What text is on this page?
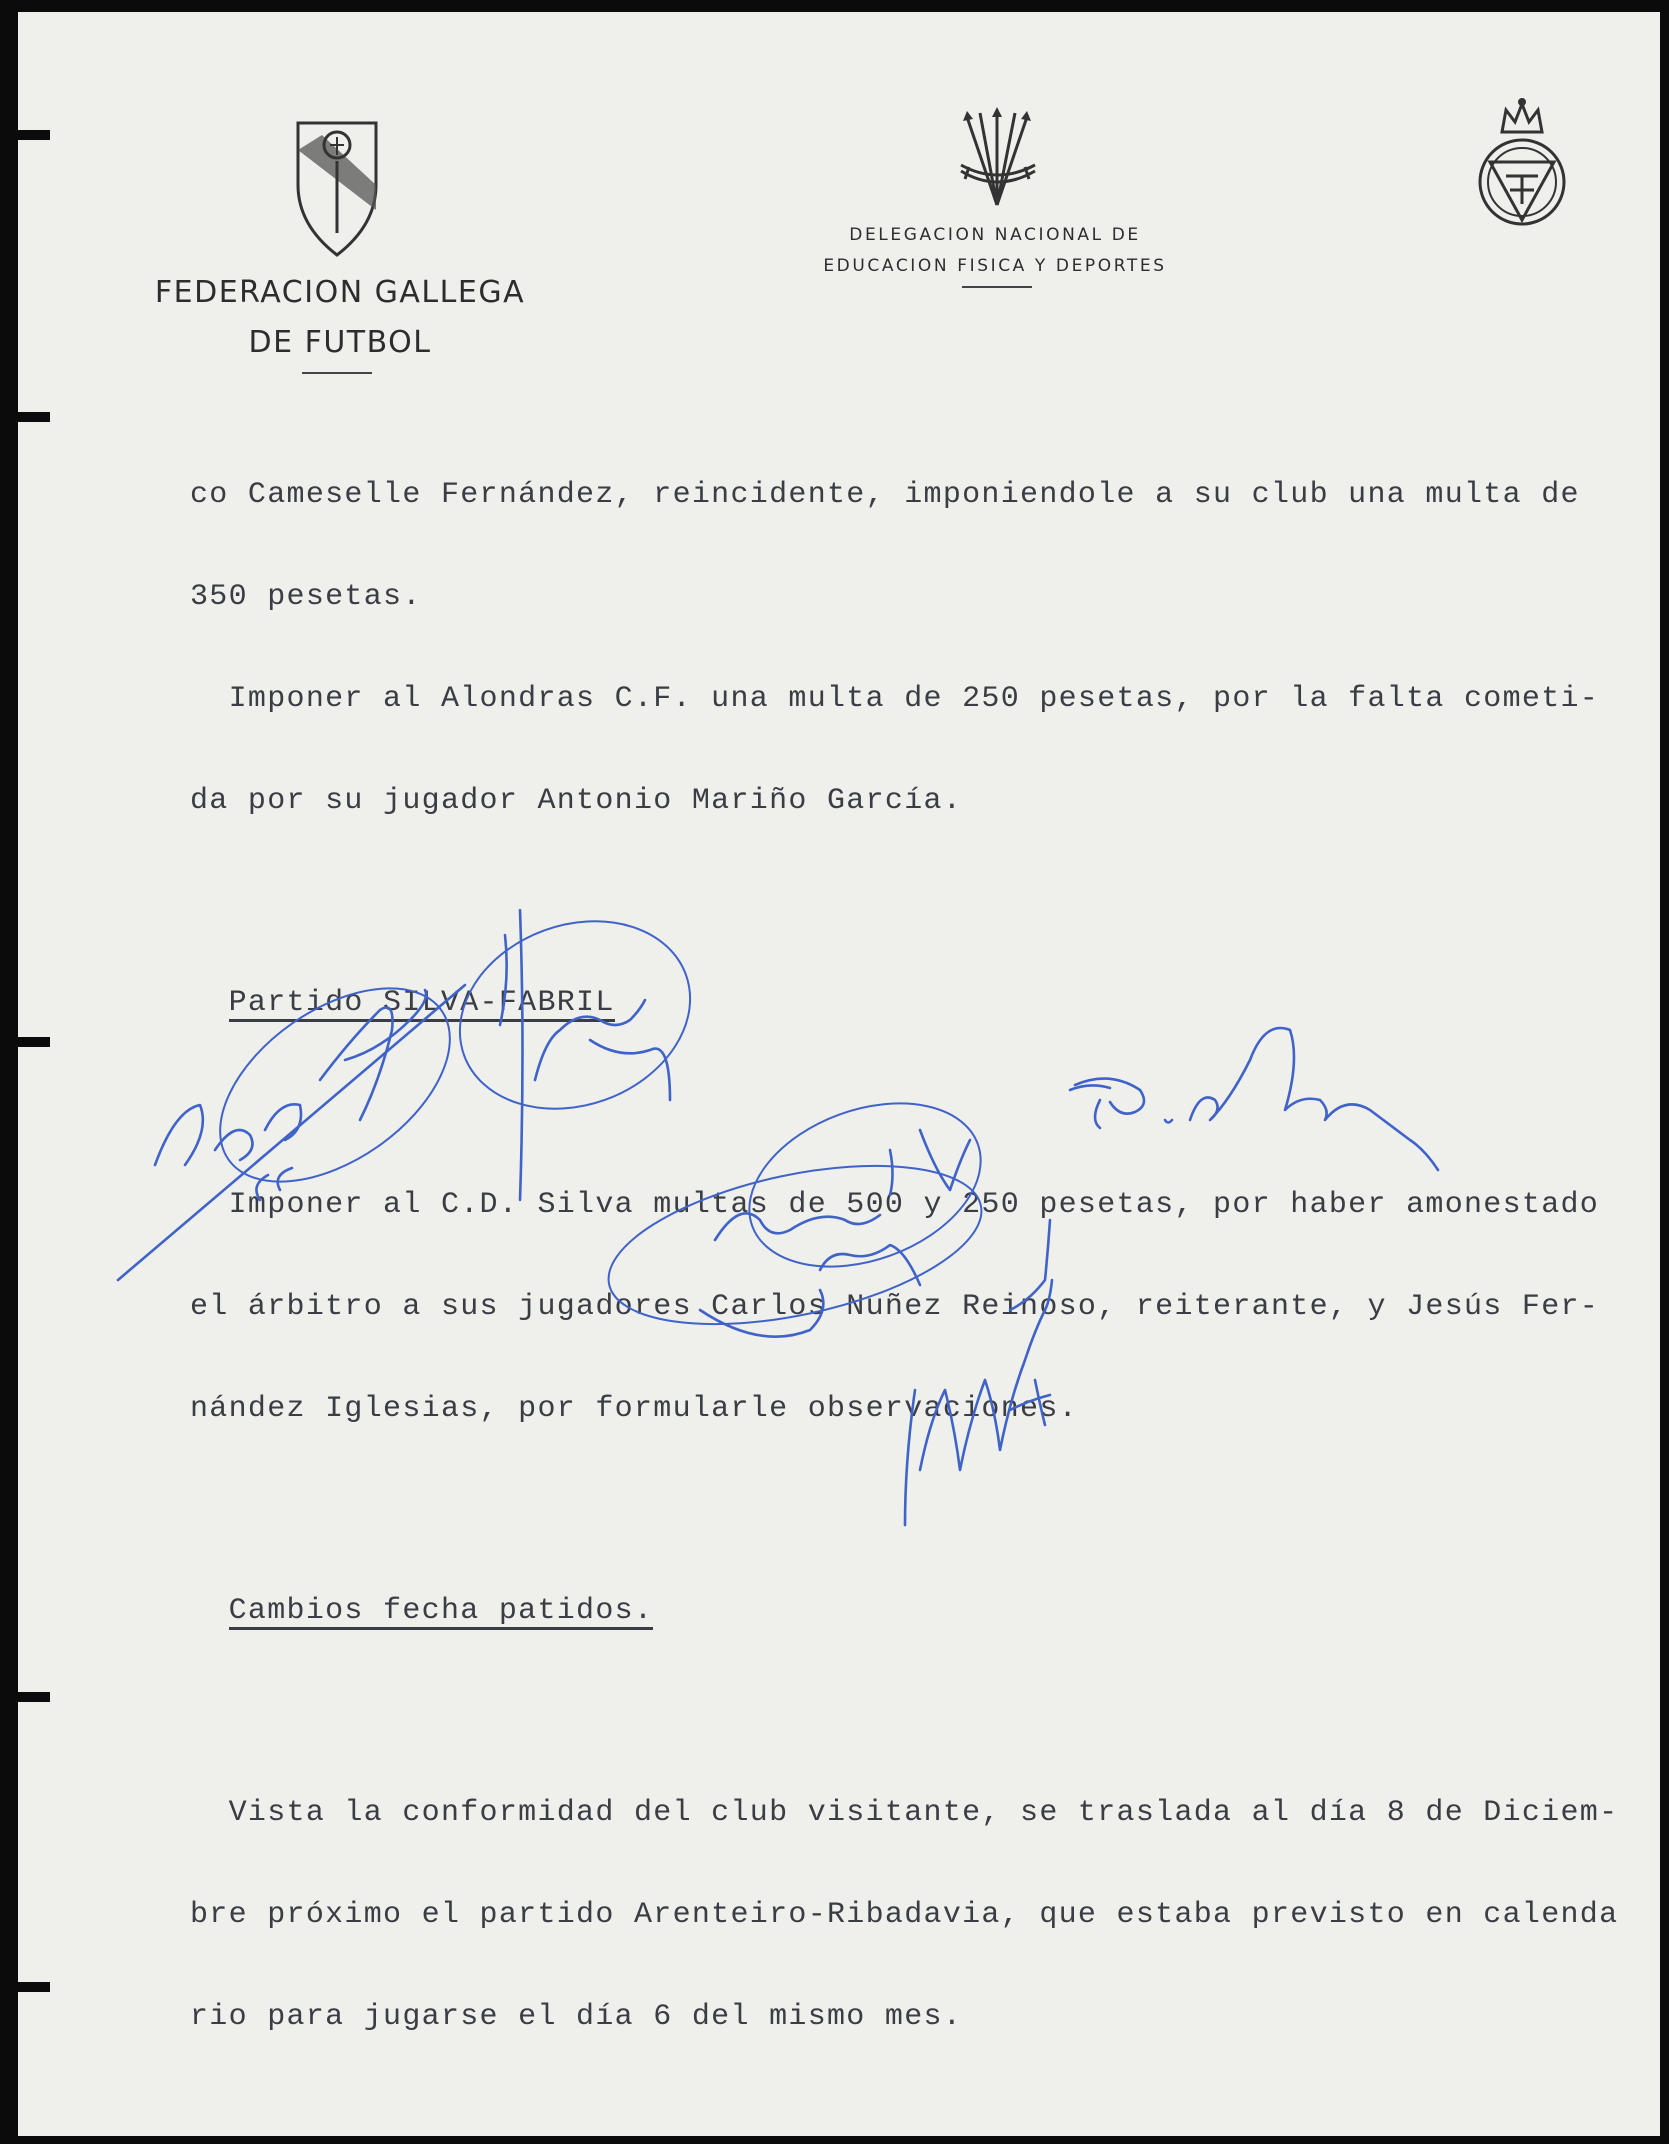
FEDERACION GALLEGA
DE FUTBOL
DELEGACION NACIONAL DE
EDUCACION FISICA Y DEPORTES

co Cameselle Fernández, reincidente, imponiendole a su club una multa de

350 pesetas.

Imponer al Alondras C.F. una multa de 250 pesetas, por la falta cometi-

da por su jugador Antonio Mariño García.

Partido SILVA-FABRIL

Imponer al C.D. Silva multas de 500 y 250 pesetas, por haber amonestado

el árbitro a sus jugadores Carlos Nuñez Reinoso, reiterante, y Jesús Fer-

nández Iglesias, por formularle observaciones.

Cambios fecha patidos.

Vista la conformidad del club visitante, se traslada al día 8 de Diciem-

bre próximo el partido Arenteiro-Ribadavia, que estaba previsto en calenda

rio para jugarse el día 6 del mismo mes.
